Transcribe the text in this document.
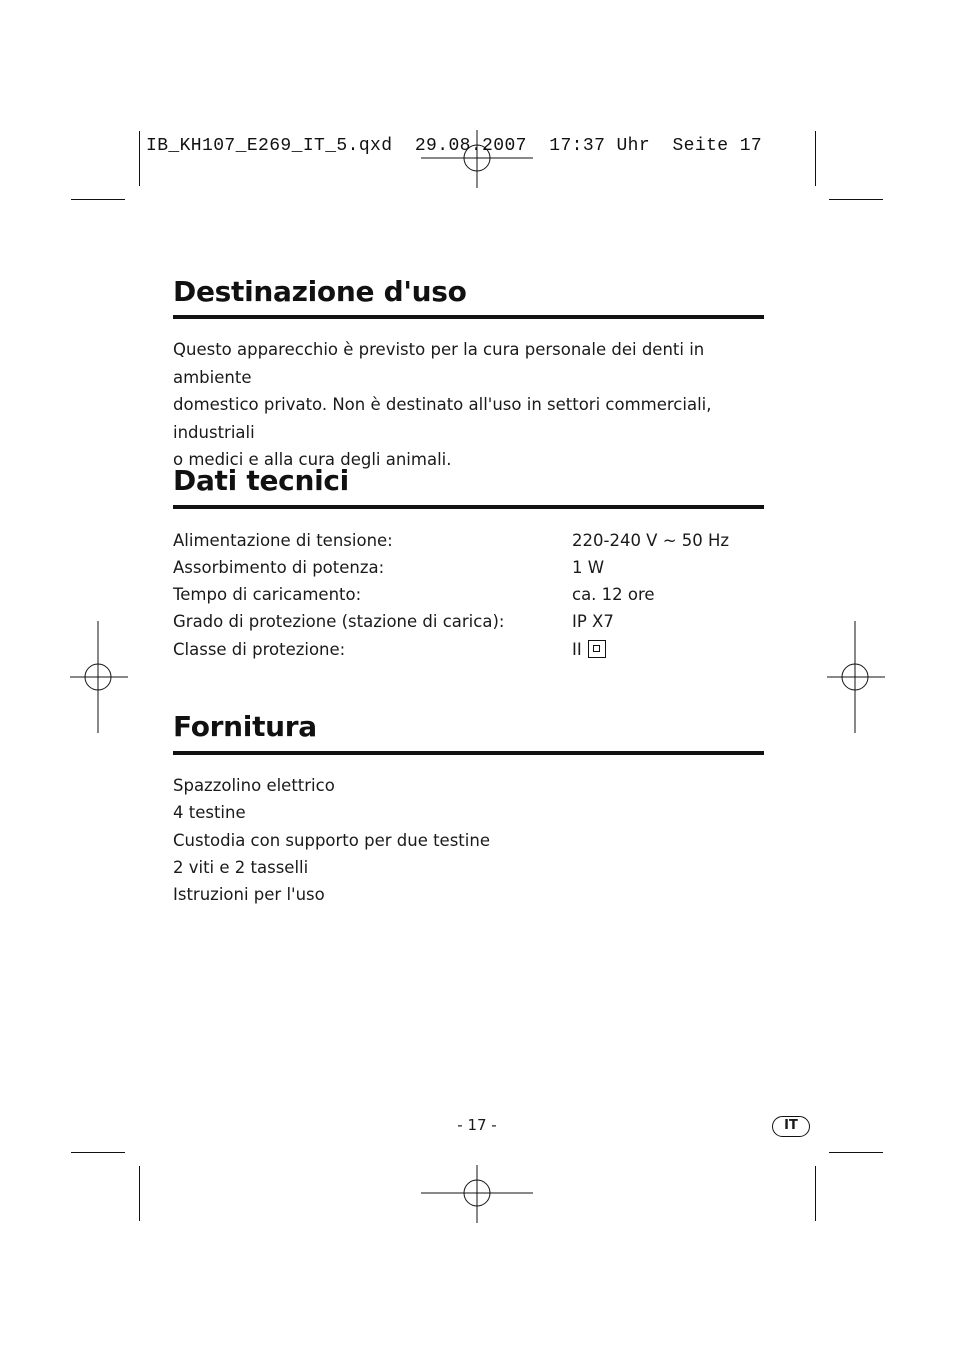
IB_KH107_E269_IT_5.qxd  29.08.2007  17:37 Uhr  Seite 17
Destinazione d'uso
Questo apparecchio è previsto per la cura personale dei denti in ambiente
domestico privato. Non è destinato all'uso in settori commerciali, industriali
o medici e alla cura degli animali.
Dati tecnici
Alimentazione di tensione:	220-240 V ~ 50 Hz
Assorbimento di potenza:	1 W
Tempo di caricamento:	ca. 12 ore
Grado di protezione (stazione di carica):	IP X7
Classe di protezione:	II
Fornitura
Spazzolino elettrico
4 testine
Custodia con supporto per due testine
2 viti e 2 tasselli
Istruzioni per l'uso
- 17 -	IT
